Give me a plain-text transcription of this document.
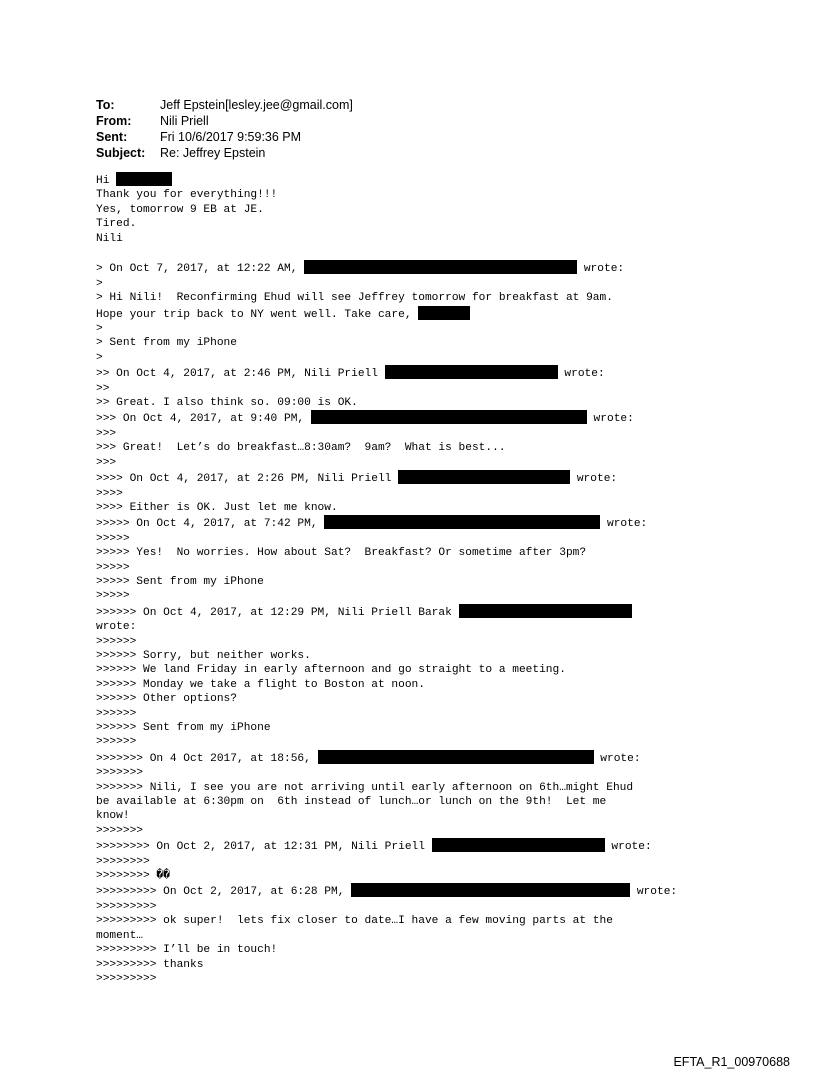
To:	Jeff Epstein[lesley.jee@gmail.com]
From:	Nili Priell
Sent:	Fri 10/6/2017 9:59:36 PM
Subject:	Re: Jeffrey Epstein
Hi
Thank you for everything!!!
Yes, tomorrow 9 EB at JE.
Tired.
Nili
> On Oct 7, 2017, at 12:22 AM,	wrote:
>
> Hi Nili!  Reconfirming Ehud will see Jeffrey tomorrow for breakfast at 9am.
Hope your trip back to NY went well. Take care,
>
> Sent from my iPhone
>
>> On Oct 4, 2017, at 2:46 PM, Nili Priell	wrote:
>>
>> Great. I also think so. 09:00 is OK.
>>> On Oct 4, 2017, at 9:40 PM,	wrote:
>>>
>>> Great!  Let’s do breakfast…8:30am?  9am?  What is best...
>>>
>>>> On Oct 4, 2017, at 2:26 PM, Nili Priell	wrote:
>>>>
>>>> Either is OK. Just let me know.
>>>>> On Oct 4, 2017, at 7:42 PM,	wrote:
>>>>>
>>>>> Yes!  No worries. How about Sat?  Breakfast? Or sometime after 3pm?
>>>>>
>>>>> Sent from my iPhone
>>>>>
>>>>>> On Oct 4, 2017, at 12:29 PM, Nili Priell Barak
wrote:
>>>>>>
>>>>>> Sorry, but neither works.
>>>>>> We land Friday in early afternoon and go straight to a meeting.
>>>>>> Monday we take a flight to Boston at noon.
>>>>>> Other options?
>>>>>>
>>>>>> Sent from my iPhone
>>>>>>
>>>>>>> On 4 Oct 2017, at 18:56,	wrote:
>>>>>>>
>>>>>>> Nili, I see you are not arriving until early afternoon on 6th…might Ehud
be available at 6:30pm on  6th instead of lunch…or lunch on the 9th!  Let me
know!
>>>>>>>
>>>>>>>> On Oct 2, 2017, at 12:31 PM, Nili Priell	wrote:
>>>>>>>>
>>>>>>>> ��
>>>>>>>>> On Oct 2, 2017, at 6:28 PM,	wrote:
>>>>>>>>>
>>>>>>>>> ok super!  lets fix closer to date…I have a few moving parts at the
moment…
>>>>>>>>> I’ll be in touch!
>>>>>>>>> thanks
>>>>>>>>>
EFTA_R1_00970688
